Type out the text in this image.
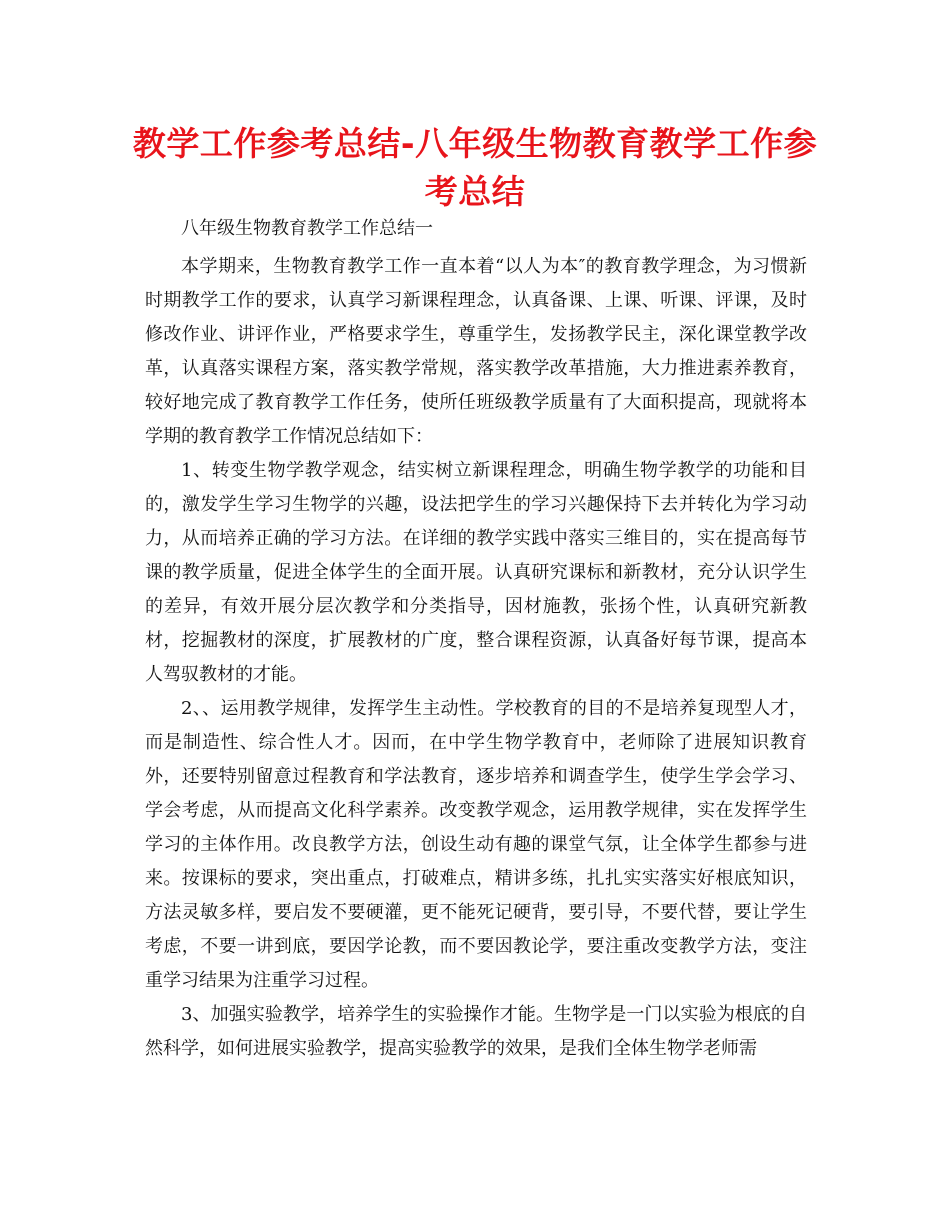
教学工作参考总结-八年级生物教育教学工作参考总结

八年级生物教育教学工作总结一

本学期来，生物教育教学工作一直本着“以人为本″的教育教学理念，为习惯新时期教学工作的要求，认真学习新课程理念，认真备课、上课、听课、评课，及时修改作业、讲评作业，严格要求学生，尊重学生，发扬教学民主，深化课堂教学改革，认真落实课程方案，落实教学常规，落实教学改革措施，大力推进素养教育，较好地完成了教育教学工作任务，使所任班级教学质量有了大面积提高，现就将本学期的教育教学工作情况总结如下：

1、转变生物学教学观念，结实树立新课程理念，明确生物学教学的功能和目的，激发学生学习生物学的兴趣，设法把学生的学习兴趣保持下去并转化为学习动力，从而培养正确的学习方法。在详细的教学实践中落实三维目的，实在提高每节课的教学质量，促进全体学生的全面开展。认真研究课标和新教材，充分认识学生的差异，有效开展分层次教学和分类指导，因材施教，张扬个性，认真研究新教材，挖掘教材的深度，扩展教材的广度，整合课程资源，认真备好每节课，提高本人驾驭教材的才能。

2、、运用教学规律，发挥学生主动性。学校教育的目的不是培养复现型人才，而是制造性、综合性人才。因而，在中学生物学教育中，老师除了进展知识教育外，还要特别留意过程教育和学法教育，逐步培养和调查学生，使学生学会学习、学会考虑，从而提高文化科学素养。改变教学观念，运用教学规律，实在发挥学生学习的主体作用。改良教学方法，创设生动有趣的课堂气氛，让全体学生都参与进来。按课标的要求，突出重点，打破难点，精讲多练，扎扎实实落实好根底知识，方法灵敏多样，要启发不要硬灌，更不能死记硬背，要引导，不要代替，要让学生考虑，不要一讲到底，要因学论教，而不要因教论学，要注重改变教学方法，变注重学习结果为注重学习过程。

3、加强实验教学，培养学生的实验操作才能。生物学是一门以实验为根底的自然科学，如何进展实验教学，提高实验教学的效果，是我们全体生物学老师需
